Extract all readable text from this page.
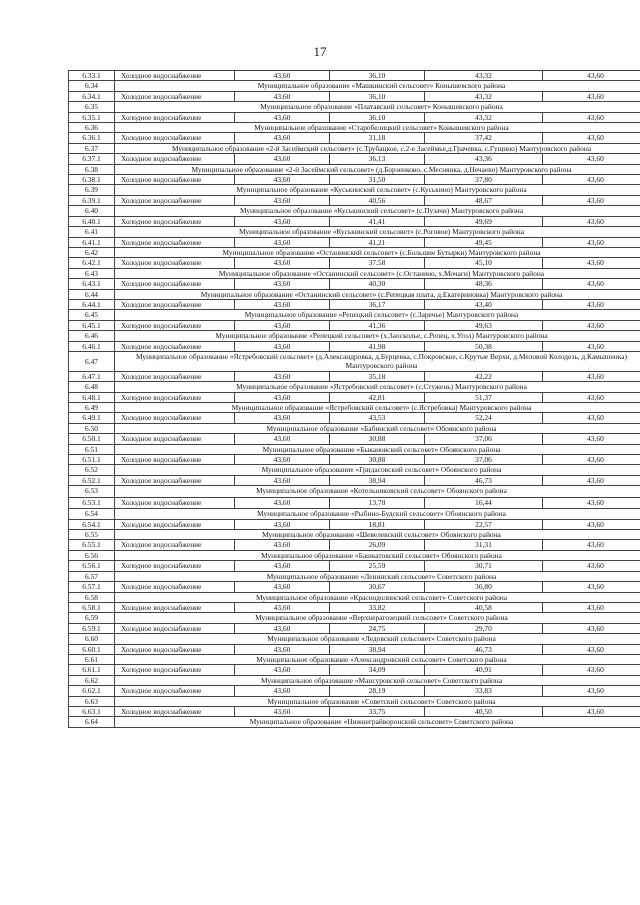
17
6.33.1	Холодное водоснабжение	43,60	36,10	43,32	43,60
6.34	Муниципальное образование «Машкинский сельсовет» Конышевского района				
6.34.1	Холодное водоснабжение	43,60	36,10	43,32	43,60
6.35	Муниципальное образование «Платавский сельсовет» Конышевского района				
6.35.1	Холодное водоснабжение	43,60	36,10	43,32	43,60
6.36	Муниципальное образование «Старобелицкий сельсовет» Конышевского района				
6.36.1	Холодное водоснабжение	43,60	31,18	37,42	43,60
6.37	Муниципальное образование «2-й Засеймский сельсовет» (с.Трубацкое, с.2-е Засеймье,д.Грачевка, с.Гущино) Мантуровского района				
6.37.1	Холодное водоснабжение	43,60	36,13	43,36	43,60
6.38	Муниципальное образование «2-й Засеймский сельсовет» (д.Борзенково, с.Меснянка, д.Нечаево) Мантуровского района				
6.38.1	Холодное водоснабжение	43,60	31,50	37,80	43,60
6.39	Муниципальное образование «Куськинский сельсовет» (с.Куськино) Мантуровского района				
6.39.1	Холодное водоснабжение	43,60	40,56	48,67	43,60
6.40	Муниципальное образование «Куськинский сельсовет» (с.Пузачи) Мантуровского района				
6.40.1	Холодное водоснабжение	43,60	41,41	49,69	43,60
6.41	Муниципальное образование «Куськинский сельсовет» (с.Роговое) Мантуровского района				
6.41.1	Холодное водоснабжение	43,60	41,21	49,45	43,60
6.42	Муниципальное образование «Останинский сельсовет» (с.Большие Бутырки) Мантуровского района				
6.42.1	Холодное водоснабжение	43,60	37,58	45,10	43,60
6.43	Муниципальное образование «Останинский сельсовет» (с.Останино, х.Мочаги) Мантуровского района				
6.43.1	Холодное водоснабжение	43,60	40,30	48,36	43,60
6.44	Муниципальное образование «Останинский сельсовет» (с.Репецкая плата, д.Екатериновка) Мантуровского района				
6.44.1	Холодное водоснабжение	43,60	36,17	43,40	43,60
6.45	Муниципальное образование «Репецкий сельсовет» (с.Заречье) Мантуровского района				
6.45.1	Холодное водоснабжение	43,60	41,36	49,63	43,60
6.46	Муниципальное образование «Репецкий сельсовет» (х.Заосколье, с.Репец, х.Угол) Мантуровского района				
6.46.1	Холодное водоснабжение	43,60	41,98	50,38	43,60
6.47	Муниципальное образование «Ястребовский сельсовет» (д.Александровка, д.Бурцевка, с.Покровское, с.Крутые Верхи, д.Меловой Колодезь, д.Камышенка) Мантуровского района				
6.47.1	Холодное водоснабжение	43,60	35,18	42,22	43,60
6.48	Муниципальное образование «Ястребовский сельсовет» (с.Стужень) Мантуровского района				
6.48.1	Холодное водоснабжение	43,60	42,81	51,37	43,60
6.49	Муниципальное образование «Ястребовский сельсовет» (с.Ястребовка) Мантуровского района				
6.49.1	Холодное водоснабжение	43,60	43,53	52,24	43,60
6.50	Муниципальное образование «Бабинский сельсовет» Обоянского района				
6.50.1	Холодное водоснабжение	43,60	30,88	37,06	43,60
6.51	Муниципальное образование «Быкановский сельсовет» Обоянского района				
6.51.1	Холодное водоснабжение	43,60	30,88	37,06	43,60
6.52	Муниципальное образование «Гридасовский сельсовет» Обоянского района				
6.52.1	Холодное водоснабжение	43,60	38,94	46,73	43,60
6.53	Муниципальное образование «Котельниковский сельсовет» Обоянского района				
6.53.1	Холодное водоснабжение	43,60	13,70	16,44	43,60
6.54	Муниципальное образование «Рыбино-Будский сельсовет» Обоянского района				
6.54.1	Холодное водоснабжение	43,60	18,81	22,57	43,60
6.55	Муниципальное образование «Шевелевский сельсовет» Обоянского района				
6.55.1	Холодное водоснабжение	43,60	26,09	31,31	43,60
6.56	Муниципальное образование «Башкатовский сельсовет» Обоянского района				
6.56.1	Холодное водоснабжение	43,60	25,59	30,71	43,60
6.57	Муниципальное образование «Ленинский сельсовет» Советского района				
6.57.1	Холодное водоснабжение	43,60	30,67	36,80	43,60
6.58	Муниципальное образование «Краснодолинский сельсовет» Советского района				
6.58.1	Холодное водоснабжение	43,60	33,82	40,58	43,60
6.59	Муниципальное образование «Верхнерагозецкий сельсовет» Советского района				
6.59.1	Холодное водоснабжение	43,60	24,75	29,70	43,60
6.60	Муниципальное образование «Ледовский сельсовет» Советского района				
6.60.1	Холодное водоснабжение	43,60	38,94	46,73	43,60
6.61	Муниципальное образование «Александровский сельсовет» Советского района				
6.61.1	Холодное водоснабжение	43,60	34,09	40,91	43,60
6.62	Муниципальное образование «Мансуровский сельсовет» Советского района				
6.62.1	Холодное водоснабжение	43,60	28,19	33,83	43,60
6.63	Муниципальное образование «Советский сельсовет» Советского района				
6.63.1	Холодное водоснабжение	43,60	33,75	40,50	43,60
6.64	Муниципальное образование «Нижнеграйворонский сельсовет» Советского района				
